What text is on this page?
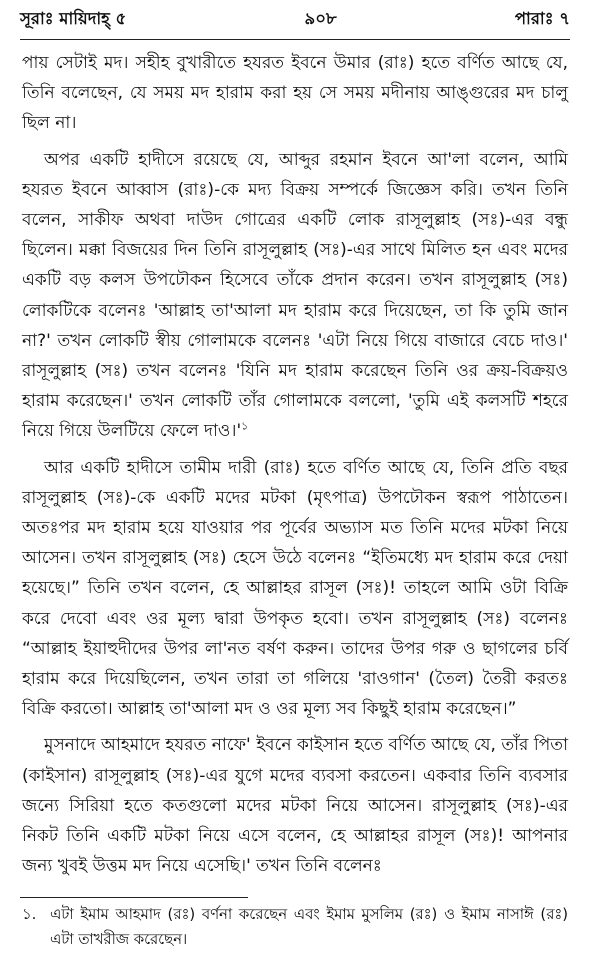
সূরাঃ মায়িদাহ্‌ ৫	৯০৮	পারাঃ ৭

পায় সেটাই মদ। সহীহ বুখারীতে হযরত ইবনে উমার (রাঃ) হতে বর্ণিত আছে যে, তিনি বলেছেন, যে সময় মদ হারাম করা হয় সে সময় মদীনায় আঙ্গুরের মদ চালু ছিল না।

অপর একটি হাদীসে রয়েছে যে, আব্দুর রহমান ইবনে আ'লা বলেন, আমি হযরত ইবনে আব্বাস (রাঃ)-কে মদ্য বিক্রয় সম্পর্কে জিজ্ঞেস করি। তখন তিনি বলেন, সাকীফ অথবা দাউদ গোত্রের একটি লোক রাসূলুল্লাহ (সঃ)-এর বন্ধু ছিলেন। মক্কা বিজয়ের দিন তিনি রাসূলুল্লাহ (সঃ)-এর সাথে মিলিত হন এবং মদের একটি বড় কলস উপঢৌকন হিসেবে তাঁকে প্রদান করেন। তখন রাসূলুল্লাহ (সঃ) লোকটিকে বলেনঃ 'আল্লাহ তা'আলা মদ হারাম করে দিয়েছেন, তা কি তুমি জান না?' তখন লোকটি স্বীয় গোলামকে বলেনঃ 'এটা নিয়ে গিয়ে বাজারে বেচে দাও।' রাসূলুল্লাহ (সঃ) তখন বলেনঃ 'যিনি মদ হারাম করেছেন তিনি ওর ক্রয়-বিক্রয়ও হারাম করেছেন।' তখন লোকটি তাঁর গোলামকে বললো, 'তুমি এই কলসটি শহরে নিয়ে গিয়ে উলটিয়ে ফেলে দাও।'$^১$

আর একটি হাদীসে তামীম দারী (রাঃ) হতে বর্ণিত আছে যে, তিনি প্রতি বছর রাসূলুল্লাহ (সঃ)-কে একটি মদের মটকা (মৃৎপাত্র) উপঢৌকন স্বরূপ পাঠাতেন। অতঃপর মদ হারাম হয়ে যাওয়ার পর পূর্বের অভ্যাস মত তিনি মদের মটকা নিয়ে আসেন। তখন রাসূলুল্লাহ (সঃ) হেসে উঠে বলেনঃ “ইতিমধ্যে মদ হারাম করে দেয়া হয়েছে।” তিনি তখন বলেন, হে আল্লাহর রাসূল (সঃ)! তাহলে আমি ওটা বিক্রি করে দেবো এবং ওর মূল্য দ্বারা উপকৃত হবো। তখন রাসূলুল্লাহ (সঃ) বলেনঃ “আল্লাহ ইয়াহুদীদের উপর লা'নত বর্ষণ করুন। তাদের উপর গরু ও ছাগলের চর্বি হারাম করে দিয়েছিলেন, তখন তারা তা গলিয়ে 'রাওগান' (তৈল) তৈরী করতঃ বিক্রি করতো। আল্লাহ তা'আলা মদ ও ওর মূল্য সব কিছুই হারাম করেছেন।”

মুসনাদে আহমাদে হযরত নাফে' ইবনে কাইসান হতে বর্ণিত আছে যে, তাঁর পিতা (কাইসান) রাসূলুল্লাহ (সঃ)-এর যুগে মদের ব্যবসা করতেন। একবার তিনি ব্যবসার জন্যে সিরিয়া হতে কতগুলো মদের মটকা নিয়ে আসেন। রাসূলুল্লাহ (সঃ)-এর নিকট তিনি একটি মটকা নিয়ে এসে বলেন, হে আল্লাহর রাসূল (সঃ)! আপনার জন্য খুবই উত্তম মদ নিয়ে এসেছি।' তখন তিনি বলেনঃ

১. এটা ইমাম আহমাদ (রঃ) বর্ণনা করেছেন এবং ইমাম মুসলিম (রঃ) ও ইমাম নাসাঈ (রঃ) এটা তাখরীজ করেছেন।
